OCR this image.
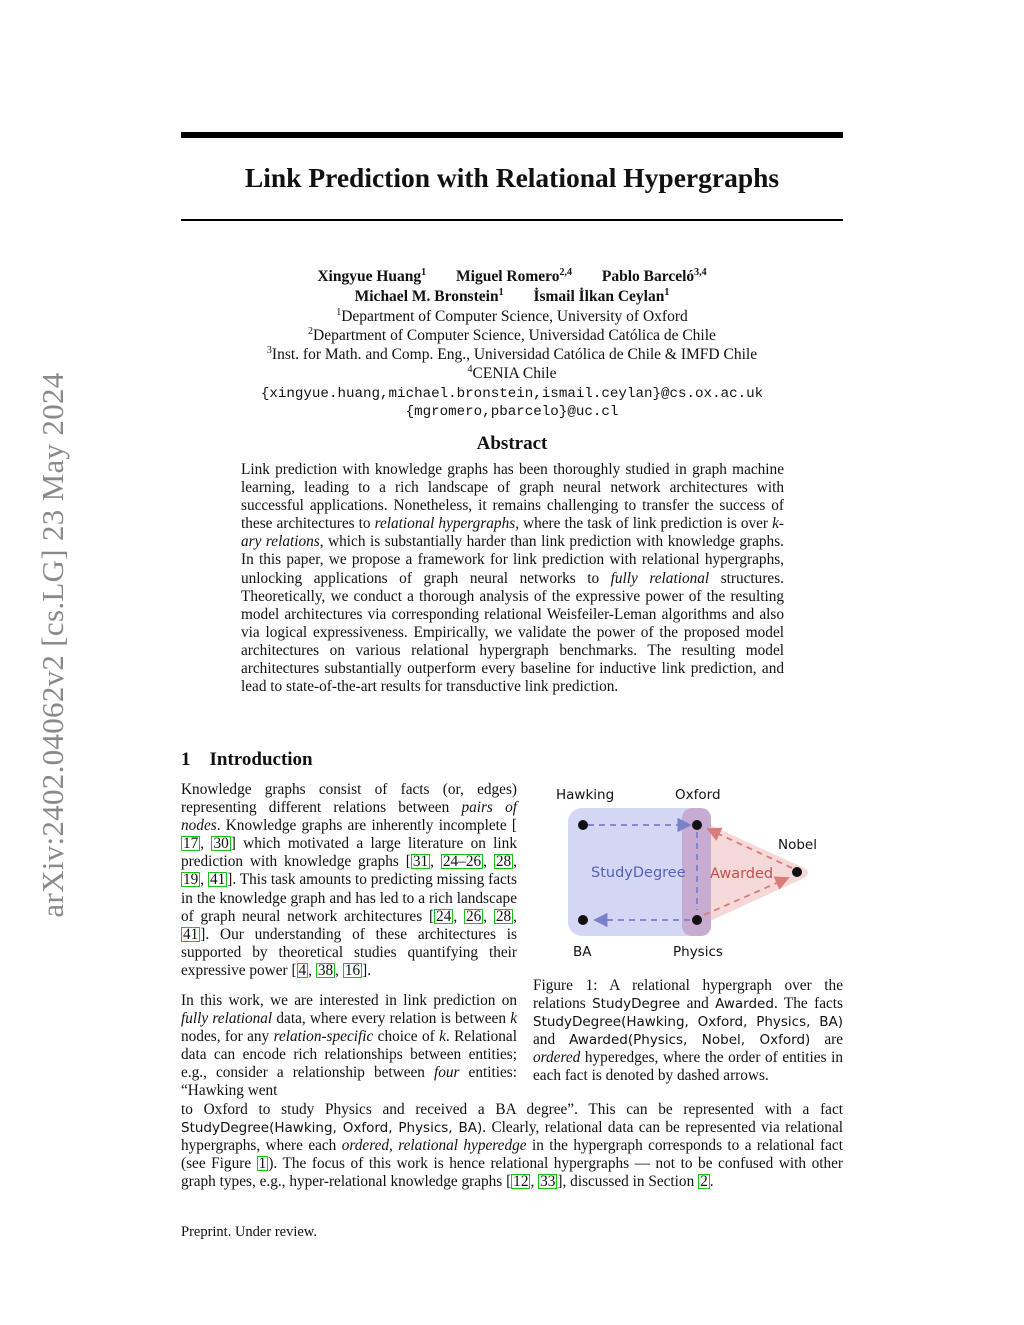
arXiv:2402.04062v2 [cs.LG] 23 May 2024
Link Prediction with Relational Hypergraphs
Xingyue Huang$^1$ Miguel Romero$^{2,4}$ Pablo Barceló$^{3,4}$
Michael M. Bronstein$^1$ İsmail İlkan Ceylan$^1$
$^1$Department of Computer Science, University of Oxford
$^2$Department of Computer Science, Universidad Católica de Chile
$^3$Inst. for Math. and Comp. Eng., Universidad Católica de Chile & IMFD Chile
$^4$CENIA Chile
{xingyue.huang,michael.bronstein,ismail.ceylan}@cs.ox.ac.uk
{mgromero,pbarcelo}@uc.cl
Abstract
Link prediction with knowledge graphs has been thoroughly studied in graph machine learning, leading to a rich landscape of graph neural network architectures with successful applications. Nonetheless, it remains challenging to transfer the success of these architectures to relational hypergraphs, where the task of link prediction is over k-ary relations, which is substantially harder than link prediction with knowledge graphs. In this paper, we propose a framework for link prediction with relational hypergraphs, unlocking applications of graph neural networks to fully relational structures. Theoretically, we conduct a thorough analysis of the expressive power of the resulting model architectures via corresponding relational Weisfeiler-Leman algorithms and also via logical expressiveness. Empirically, we validate the power of the proposed model architectures on various relational hypergraph benchmarks. The resulting model architectures substantially outperform every baseline for inductive link prediction, and lead to state-of-the-art results for transductive link prediction.
1 Introduction
Knowledge graphs consist of facts (or, edges) representing different relations between pairs of nodes. Knowledge graphs are inherently incomplete [17 , 30 ] which motivated a large literature on link prediction with knowledge graphs [ 31 , 24–26 , 28 , 19 , 41 ]. This task amounts to predicting missing facts in the knowledge graph and has led to a rich landscape of graph neural network architectures [ 24 , 26 , 28 , 41 ]. Our understanding of these architectures is supported by theoretical studies quantifying their expressive power [ 4 , 38 , 16 ].
In this work, we are interested in link prediction on fully relational data, where every relation is between k nodes, for any relation-specific choice of k. Relational data can encode rich relationships between entities; e.g., consider a relationship between four entities: “Hawking went
to Oxford to study Physics and received a BA degree”. This can be represented with a fact StudyDegree(Hawking, Oxford, Physics, BA). Clearly, relational data can be represented via relational hypergraphs, where each ordered, relational hyperedge in the hypergraph corresponds to a relational fact (see Figure 1 ). The focus of this work is hence relational hypergraphs — not to be confused with other graph types, e.g., hyper-relational knowledge graphs [ 12 , 33 ], discussed in Section 2 .
Hawking	Oxford
Nobel
BA	Physics
StudyDegree Awarded
Figure 1: A relational hypergraph over the relations StudyDegree and Awarded. The facts StudyDegree(Hawking, Oxford, Physics, BA) and Awarded(Physics, Nobel, Oxford) are ordered hyperedges, where the order of entities in each fact is denoted by dashed arrows.
Preprint. Under review.
